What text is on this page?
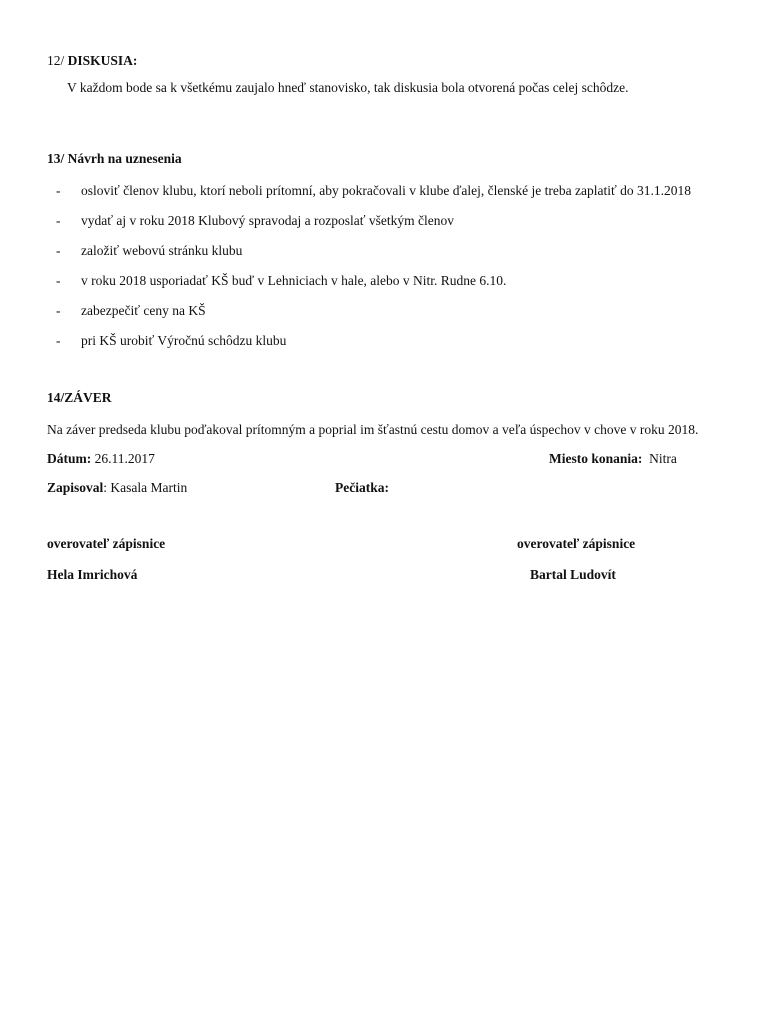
12/ DISKUSIA:

V každom bode sa k všetkému zaujalo hneď stanovisko, tak diskusia bola otvorená počas celej schôdze.

13/ Návrh na uznesenia

- osloviť členov klubu, ktorí neboli prítomní, aby pokračovali v klube ďalej, členské je treba zaplatiť do 31.1.2018
- vydať aj v roku 2018 Klubový spravodaj a rozposlať všetkým členov
- založiť webovú stránku klubu
- v roku 2018 usporiadať KŠ buď v Lehniciach v hale, alebo v Nitr. Rudne 6.10.
- zabezpečiť ceny na KŠ
- pri KŠ urobiť Výročnú schôdzu klubu

14/ZÁVER

Na záver predseda klubu poďakoval prítomným a poprial im šťastnú cestu domov a veľa úspechov v chove v roku 2018.

Dátum: 26.11.2017	Miesto konania: Nitra
Zapisoval: Kasala Martin	Pečiatka:
overovateľ zápisnice	overovateľ zápisnice
Hela Imrichová	Bartal Ludovít
